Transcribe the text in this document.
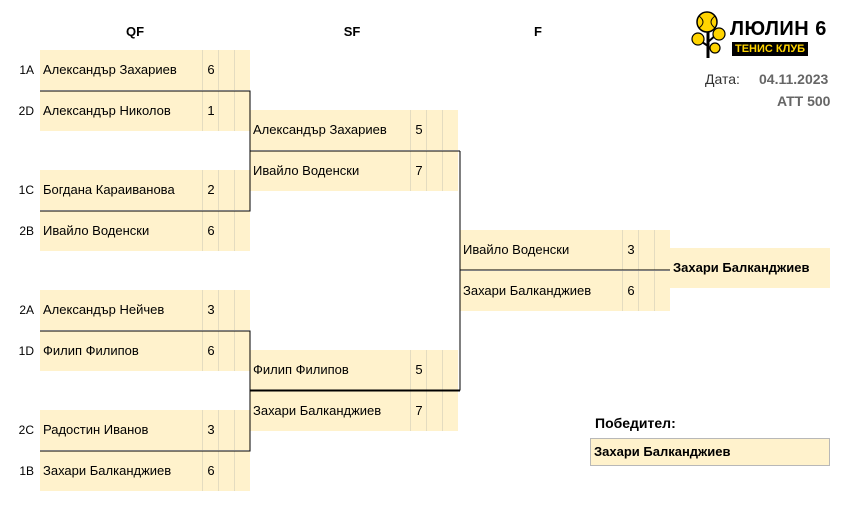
QF	SF	F	ЛЮЛИН 6
ТЕНИС КЛУБ
Дата: 04.11.2023
ATT 500
1A Александър Захариев	6
2D Александър Николов	1
1C Богдана Караиванова	2
2B Ивайло Воденски	6
2A Александър Нейчев	3
1D Филип Филипов	6
2C Радостин Иванов	3
1B Захари Балканджиев	6
Александър Захариев	5
Ивайло Воденски	7
Филип Филипов	5
Захари Балканджиев	7
Ивайло Воденски	3
Захари Балканджиев	6
Захари Балканджиев
Победител:
Захари Балканджиев
